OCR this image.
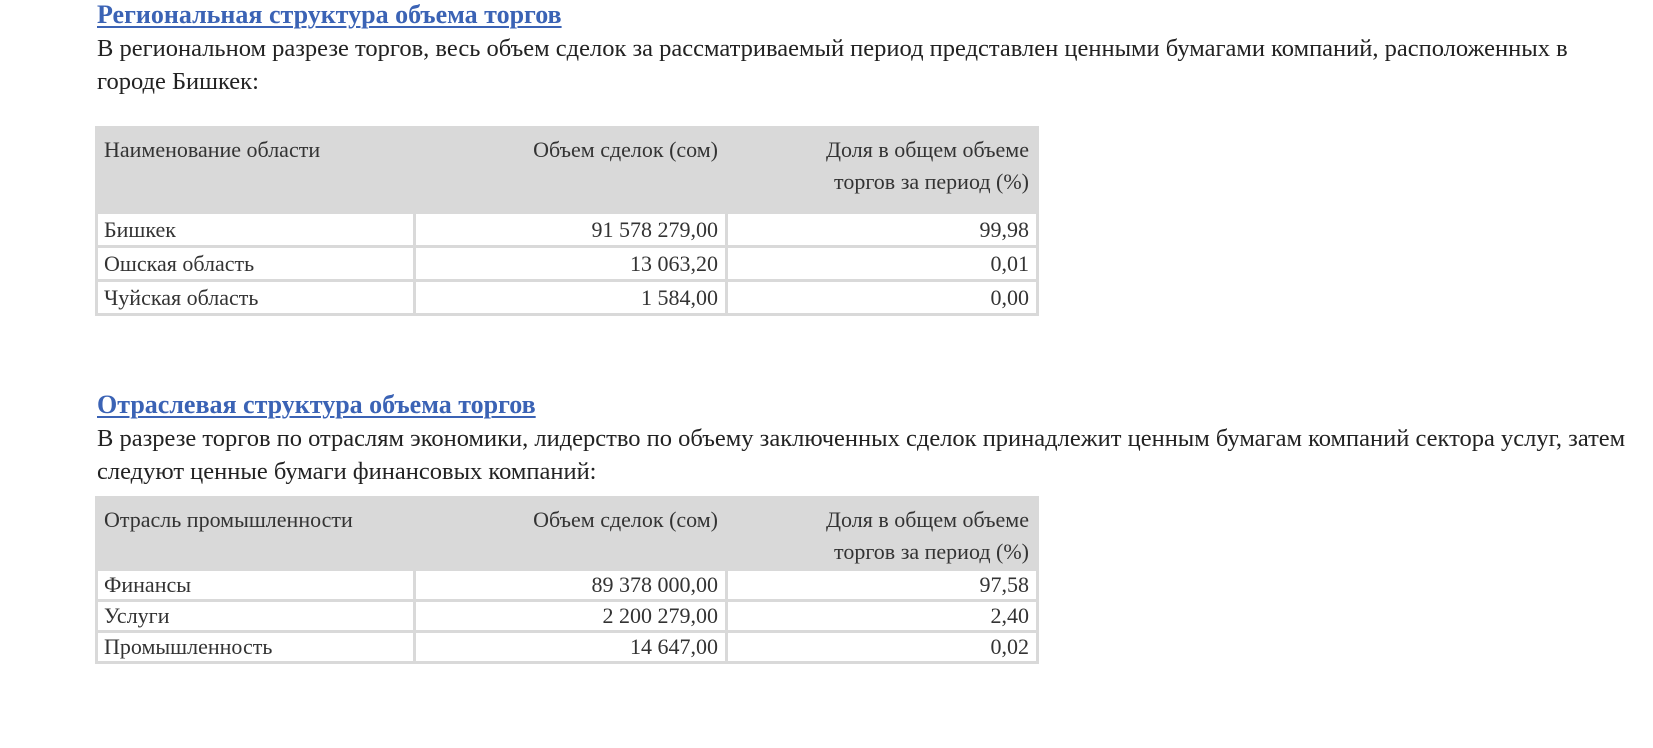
Региональная структура объема торгов

В региональном разрезе торгов, весь объем сделок за рассматриваемый период представлен ценными бумагами компаний, расположенных в городе Бишкек:

Наименование области	Объем сделок (сом)	Доля в общем объеме
торгов за период (%)

Бишкек	91 578 279,00	99,98
Ошская область	13 063,20	0,01
Чуйская область	1 584,00	0,00
Отраслевая структура объема торгов

В разрезе торгов по отраслям экономики, лидерство по объему заключенных сделок принадлежит ценным бумагам компаний сектора услуг, затем следуют ценные бумаги финансовых компаний:

Отрасль промышленности	Объем сделок (сом)	Доля в общем объеме
торгов за период (%)

Финансы	89 378 000,00	97,58
Услуги	2 200 279,00	2,40
Промышленность	14 647,00	0,02
